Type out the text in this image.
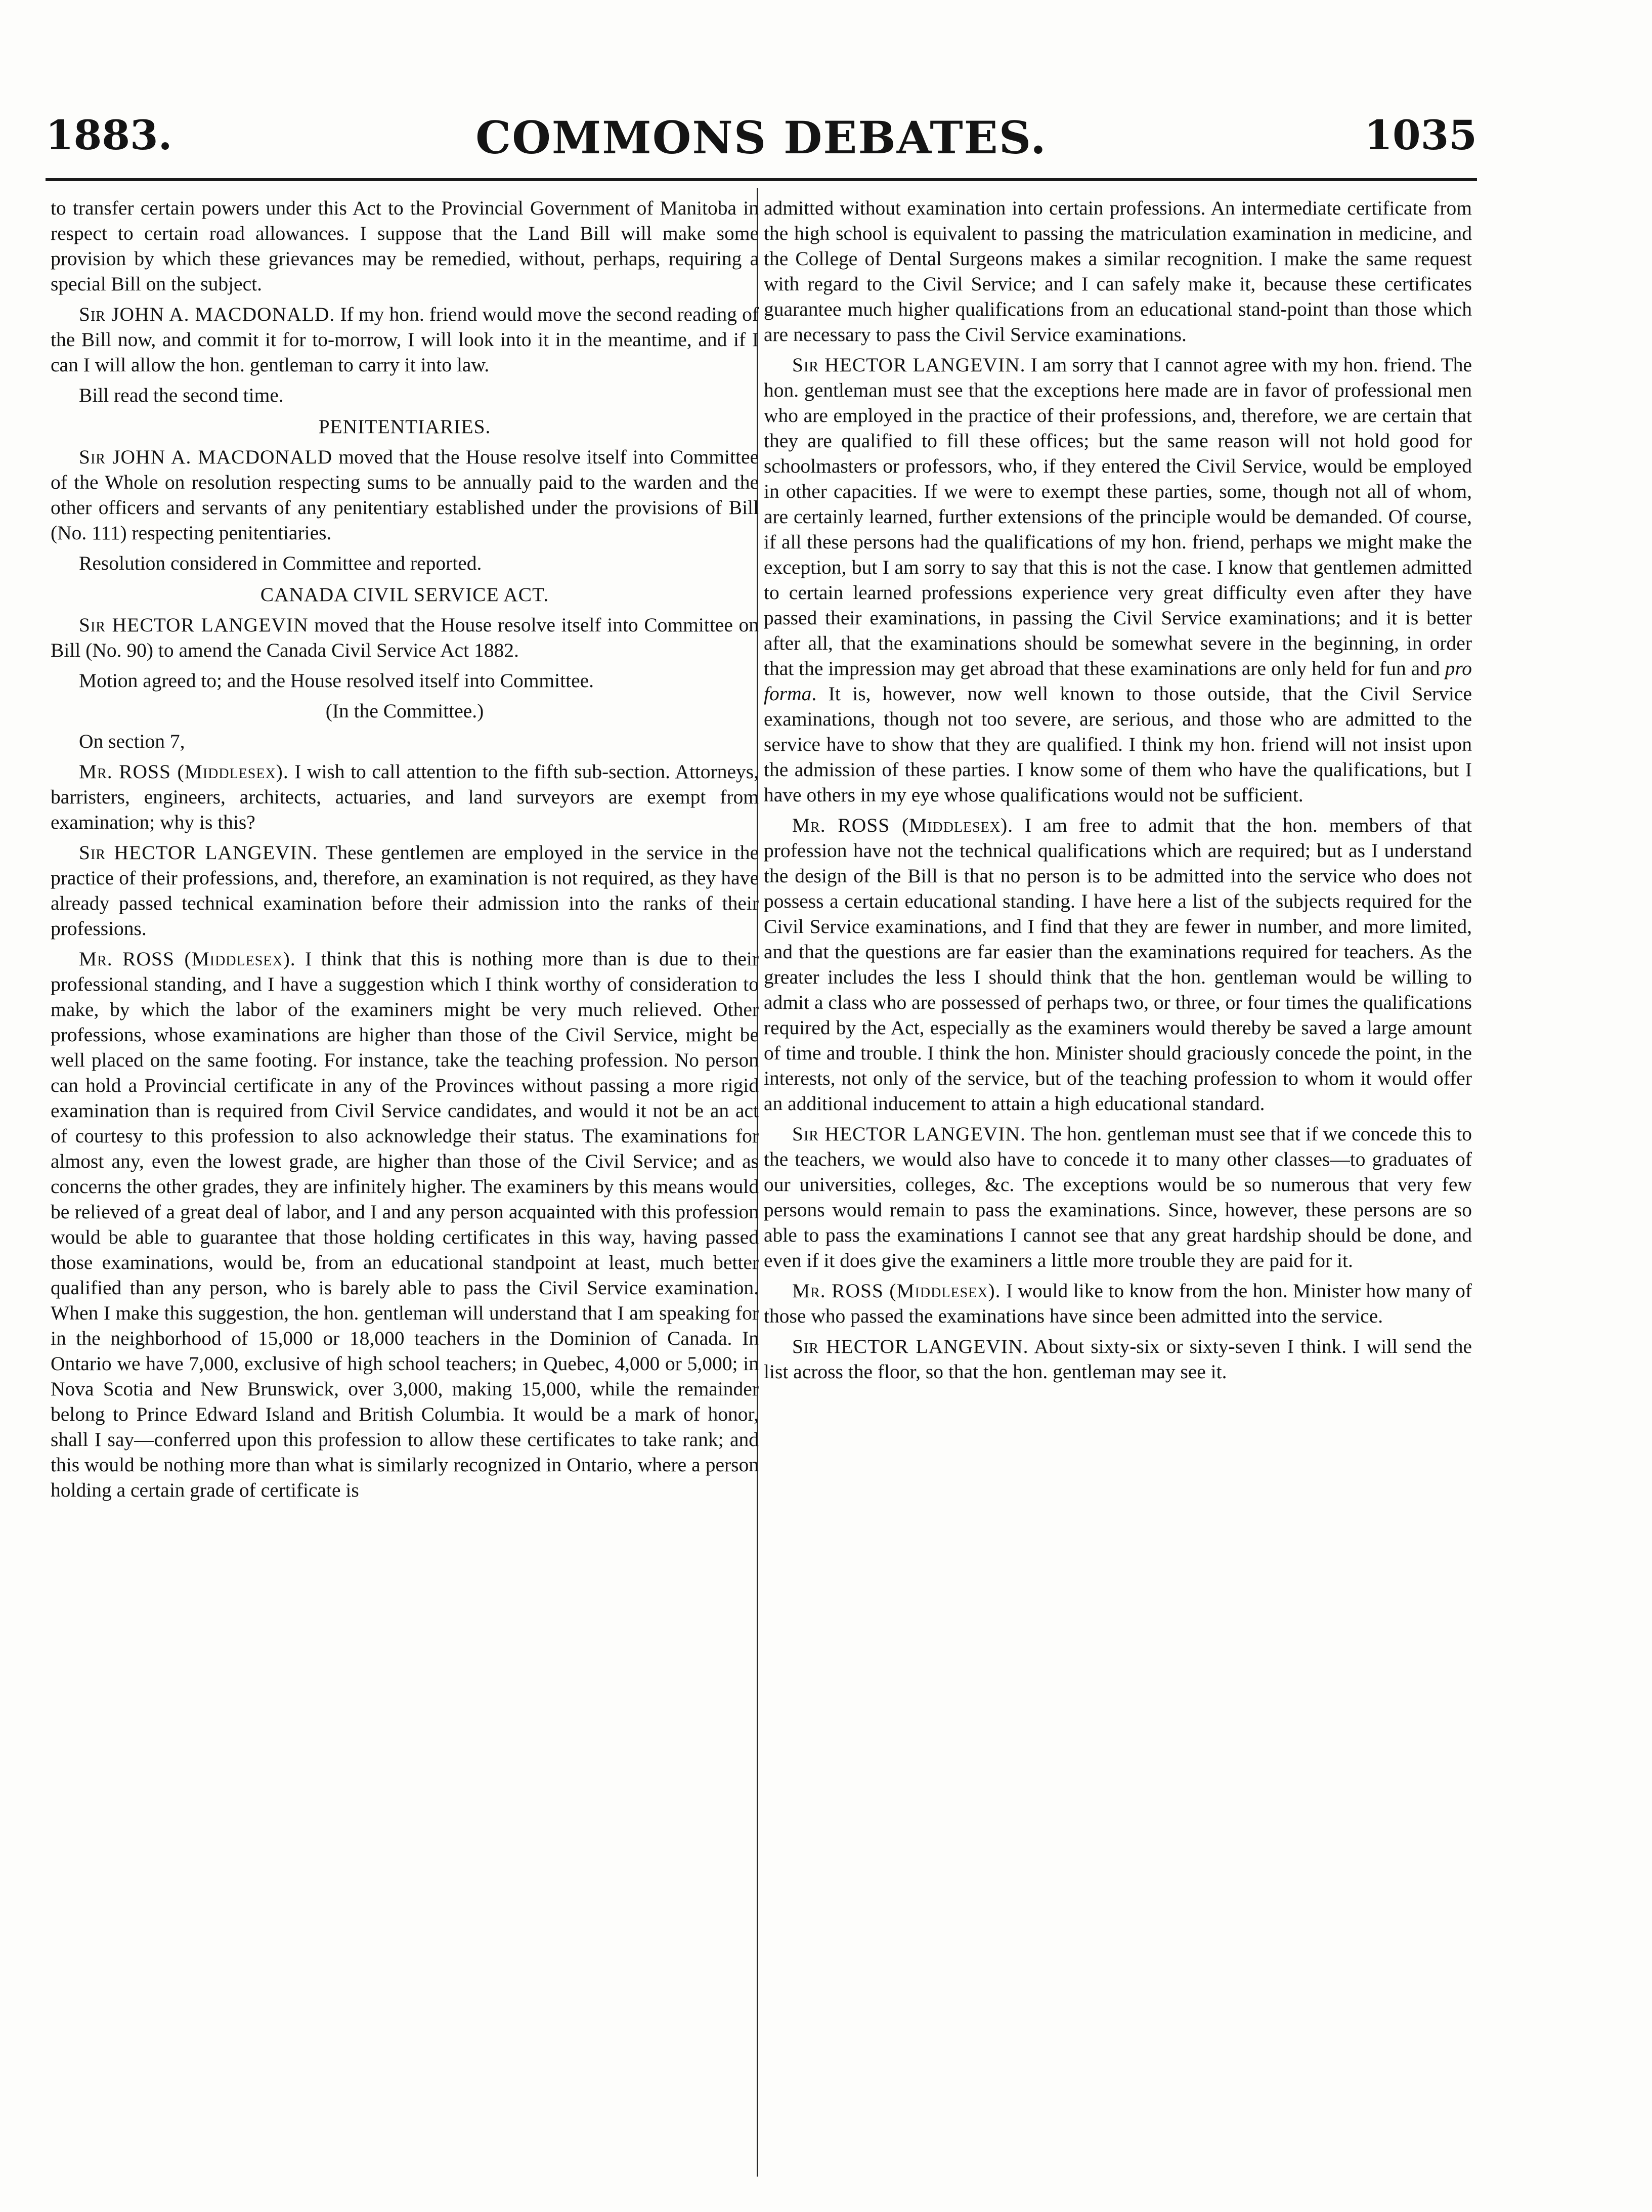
1883.	COMMONS DEBATES.	1035

to transfer certain powers under this Act to the Provincial Government of Manitoba in respect to certain road allowances. I suppose that the Land Bill will make some provision by which these grievances may be remedied, without, perhaps, requiring a special Bill on the subject.

Sir JOHN A. MACDONALD. If my hon. friend would move the second reading of the Bill now, and commit it for to-morrow, I will look into it in the meantime, and if I can I will allow the hon. gentleman to carry it into law.

Bill read the second time.

PENITENTIARIES.

Sir JOHN A. MACDONALD moved that the House resolve itself into Committee of the Whole on resolution respecting sums to be annually paid to the warden and the other officers and servants of any penitentiary established under the provisions of Bill (No. 111) respecting penitentiaries.

Resolution considered in Committee and reported.

CANADA CIVIL SERVICE ACT.

Sir HECTOR LANGEVIN moved that the House resolve itself into Committee on Bill (No. 90) to amend the Canada Civil Service Act 1882.

Motion agreed to; and the House resolved itself into Committee.

(In the Committee.)

On section 7,

Mr. ROSS (Middlesex). I wish to call attention to the fifth sub-section. Attorneys, barristers, engineers, architects, actuaries, and land surveyors are exempt from examination; why is this?

Sir HECTOR LANGEVIN. These gentlemen are employed in the service in the practice of their professions, and, therefore, an examination is not required, as they have already passed technical examination before their admission into the ranks of their professions.

Mr. ROSS (Middlesex). I think that this is nothing more than is due to their professional standing, and I have a suggestion which I think worthy of consideration to make, by which the labor of the examiners might be very much relieved. Other professions, whose examinations are higher than those of the Civil Service, might be well placed on the same footing. For instance, take the teaching profession. No person can hold a Provincial certificate in any of the Provinces without passing a more rigid examination than is required from Civil Service candidates, and would it not be an act of courtesy to this profession to also acknowledge their status. The examinations for almost any, even the lowest grade, are higher than those of the Civil Service; and as concerns the other grades, they are infinitely higher. The examiners by this means would be relieved of a great deal of labor, and I and any person acquainted with this profession would be able to guarantee that those holding certificates in this way, having passed those examinations, would be, from an educational standpoint at least, much better qualified than any person, who is barely able to pass the Civil Service examination. When I make this suggestion, the hon. gentleman will understand that I am speaking for in the neighborhood of 15,000 or 18,000 teachers in the Dominion of Canada. In Ontario we have 7,000, exclusive of high school teachers; in Quebec, 4,000 or 5,000; in Nova Scotia and New Brunswick, over 3,000, making 15,000, while the remainder belong to Prince Edward Island and British Columbia. It would be a mark of honor, shall I say—conferred upon this profession to allow these certificates to take rank; and this would be nothing more than what is similarly recognized in Ontario, where a person holding a certain grade of certificate is

admitted without examination into certain professions. An intermediate certificate from the high school is equivalent to passing the matriculation examination in medicine, and the College of Dental Surgeons makes a similar recognition. I make the same request with regard to the Civil Service; and I can safely make it, because these certificates guarantee much higher qualifications from an educational stand-point than those which are necessary to pass the Civil Service examinations.

Sir HECTOR LANGEVIN. I am sorry that I cannot agree with my hon. friend. The hon. gentleman must see that the exceptions here made are in favor of professional men who are employed in the practice of their professions, and, therefore, we are certain that they are qualified to fill these offices; but the same reason will not hold good for schoolmasters or professors, who, if they entered the Civil Service, would be employed in other capacities. If we were to exempt these parties, some, though not all of whom, are certainly learned, further extensions of the principle would be demanded. Of course, if all these persons had the qualifications of my hon. friend, perhaps we might make the exception, but I am sorry to say that this is not the case. I know that gentlemen admitted to certain learned professions experience very great difficulty even after they have passed their examinations, in passing the Civil Service examinations; and it is better after all, that the examinations should be somewhat severe in the beginning, in order that the impression may get abroad that these examinations are only held for fun and pro forma. It is, however, now well known to those outside, that the Civil Service examinations, though not too severe, are serious, and those who are admitted to the service have to show that they are qualified. I think my hon. friend will not insist upon the admission of these parties. I know some of them who have the qualifications, but I have others in my eye whose qualifications would not be sufficient.

Mr. ROSS (Middlesex). I am free to admit that the hon. members of that profession have not the technical qualifications which are required; but as I understand the design of the Bill is that no person is to be admitted into the service who does not possess a certain educational standing. I have here a list of the subjects required for the Civil Service examinations, and I find that they are fewer in number, and more limited, and that the questions are far easier than the examinations required for teachers. As the greater includes the less I should think that the hon. gentleman would be willing to admit a class who are possessed of perhaps two, or three, or four times the qualifications required by the Act, especially as the examiners would thereby be saved a large amount of time and trouble. I think the hon. Minister should graciously concede the point, in the interests, not only of the service, but of the teaching profession to whom it would offer an additional inducement to attain a high educational standard.

Sir HECTOR LANGEVIN. The hon. gentleman must see that if we concede this to the teachers, we would also have to concede it to many other classes—to graduates of our universities, colleges, &c. The exceptions would be so numerous that very few persons would remain to pass the examinations. Since, however, these persons are so able to pass the examinations I cannot see that any great hardship should be done, and even if it does give the examiners a little more trouble they are paid for it.

Mr. ROSS (Middlesex). I would like to know from the hon. Minister how many of those who passed the examinations have since been admitted into the service.

Sir HECTOR LANGEVIN. About sixty-six or sixty-seven I think. I will send the list across the floor, so that the hon. gentleman may see it.
